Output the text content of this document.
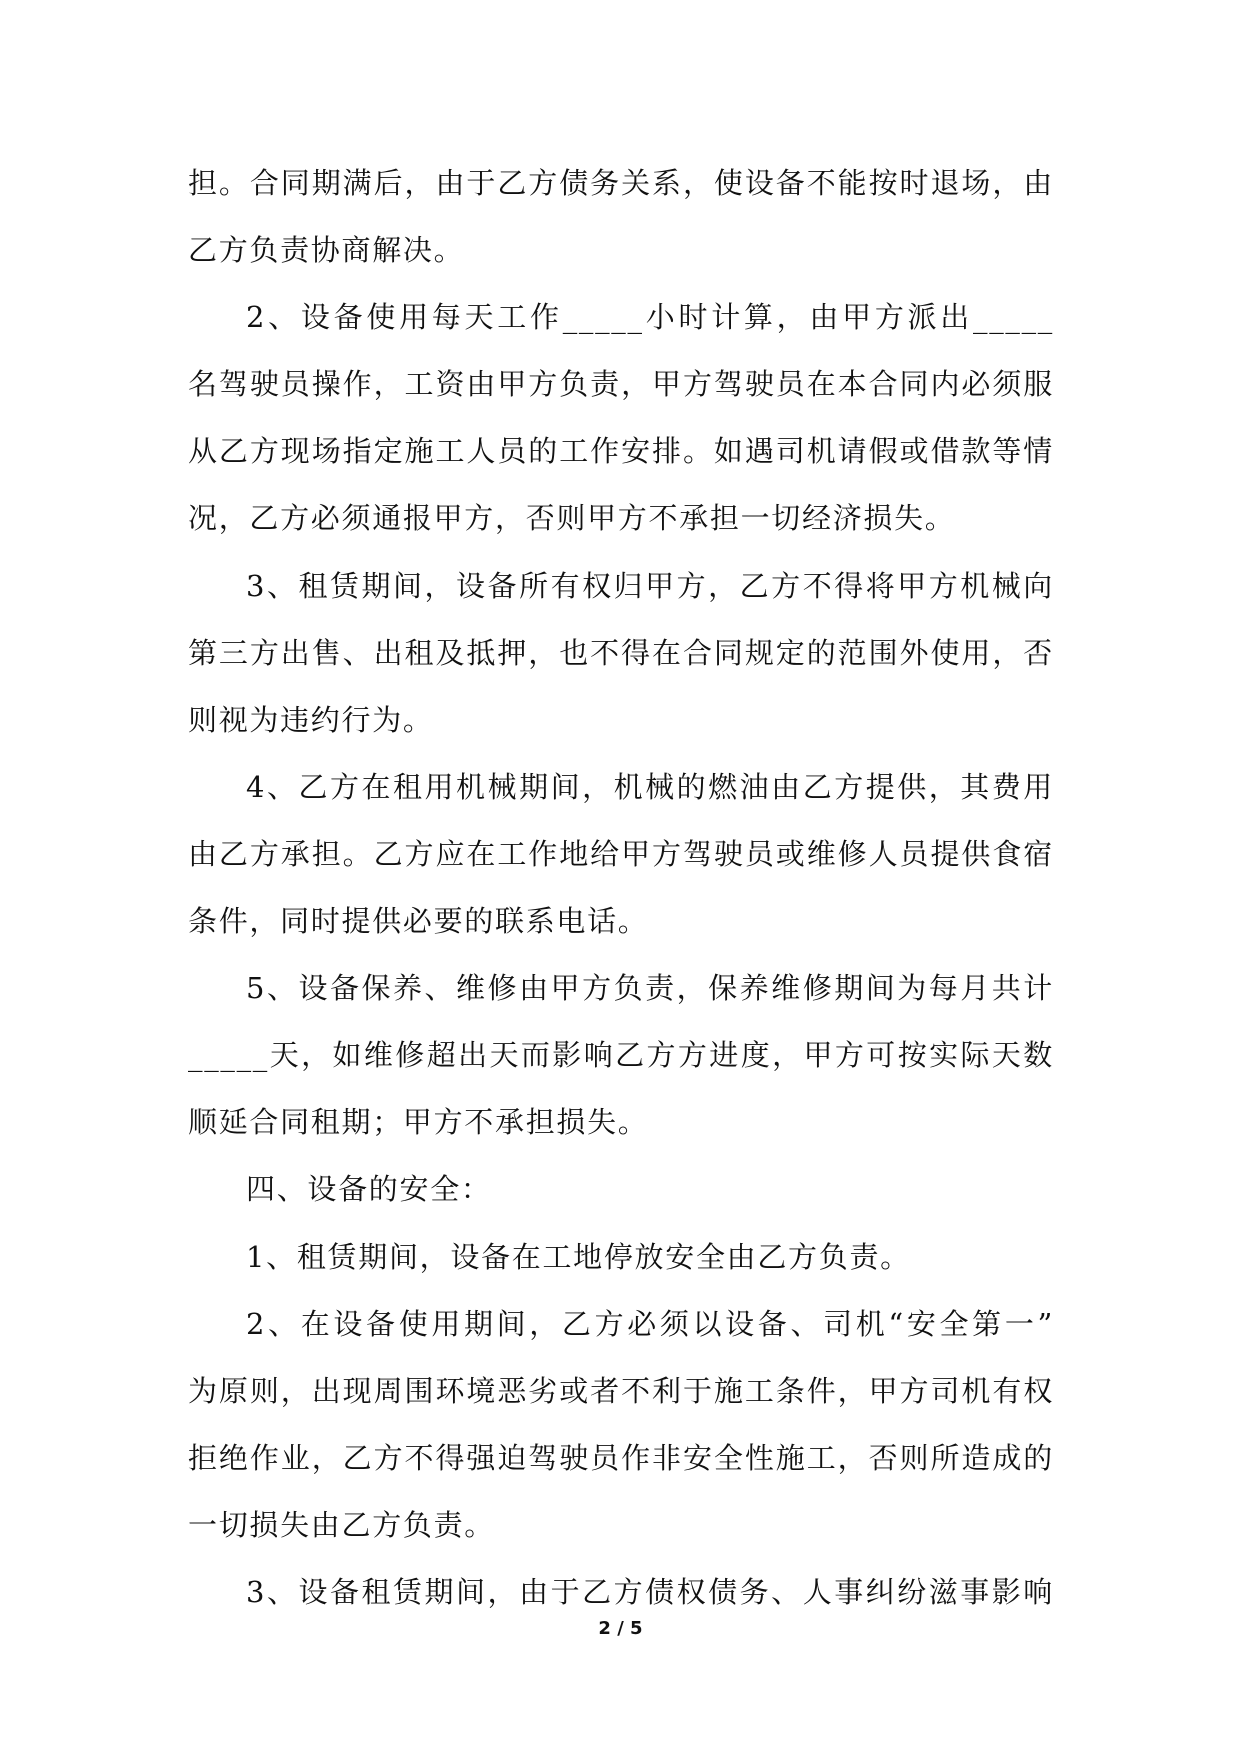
担。合同期满后，由于乙方债务关系，使设备不能按时退场，由
乙方负责协商解决。
2、设备使用每天工作_____小时计算，由甲方派出_____
名驾驶员操作，工资由甲方负责，甲方驾驶员在本合同内必须服
从乙方现场指定施工人员的工作安排。如遇司机请假或借款等情
况，乙方必须通报甲方，否则甲方不承担一切经济损失。
3、租赁期间，设备所有权归甲方，乙方不得将甲方机械向
第三方出售、出租及抵押，也不得在合同规定的范围外使用，否
则视为违约行为。
4、乙方在租用机械期间，机械的燃油由乙方提供，其费用
由乙方承担。乙方应在工作地给甲方驾驶员或维修人员提供食宿
条件，同时提供必要的联系电话。
5、设备保养、维修由甲方负责，保养维修期间为每月共计
_____天，如维修超出天而影响乙方方进度，甲方可按实际天数
顺延合同租期；甲方不承担损失。
四、设备的安全：
1、租赁期间，设备在工地停放安全由乙方负责。
2、在设备使用期间，乙方必须以设备、司机“安全第一”
为原则，出现周围环境恶劣或者不利于施工条件，甲方司机有权
拒绝作业，乙方不得强迫驾驶员作非安全性施工，否则所造成的
一切损失由乙方负责。
3、设备租赁期间，由于乙方债权债务、人事纠纷滋事影响
2 / 5
